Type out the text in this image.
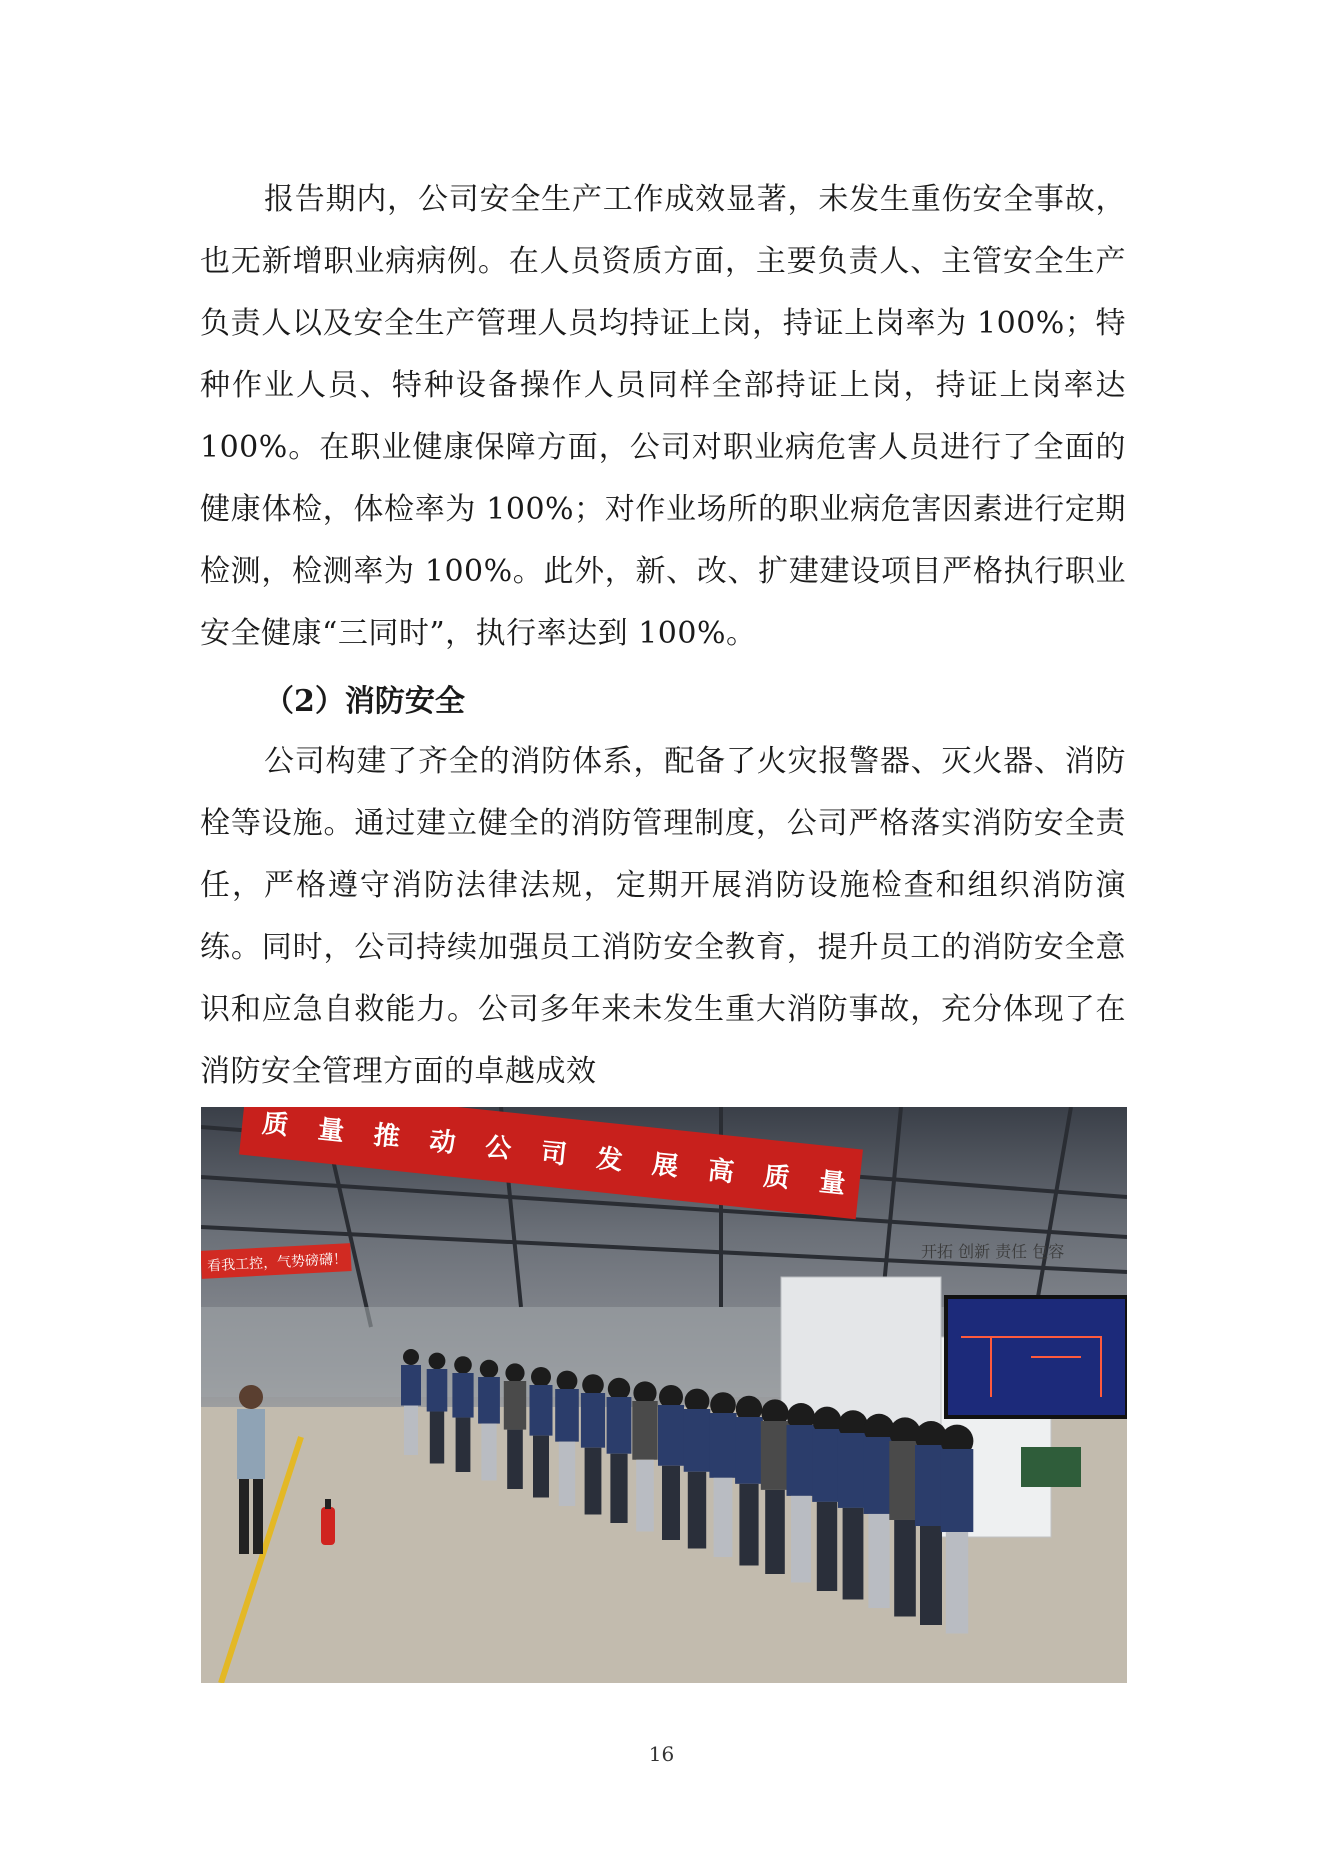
报告期内，公司安全生产工作成效显著，未发生重伤安全事故，也无新增职业病病例。在人员资质方面，主要负责人、主管安全生产负责人以及安全生产管理人员均持证上岗，持证上岗率为 100%；特种作业人员、特种设备操作人员同样全部持证上岗，持证上岗率达 100%。在职业健康保障方面，公司对职业病危害人员进行了全面的健康体检，体检率为 100%；对作业场所的职业病危害因素进行定期检测，检测率为 100%。此外，新、改、扩建建设项目严格执行职业安全健康“三同时”，执行率达到 100%。

（2）消防安全

公司构建了齐全的消防体系，配备了火灾报警器、灭火器、消防栓等设施。通过建立健全的消防管理制度，公司严格落实消防安全责任，严格遵守消防法律法规，定期开展消防设施检查和组织消防演练。同时，公司持续加强员工消防安全教育，提升员工的消防安全意识和应急自救能力。公司多年来未发生重大消防事故，充分体现了在消防安全管理方面的卓越成效

质 量 推 动 公 司 发 展 高 质 量
看我工控，气势磅礴！	开拓 创新 责任 包容
16
